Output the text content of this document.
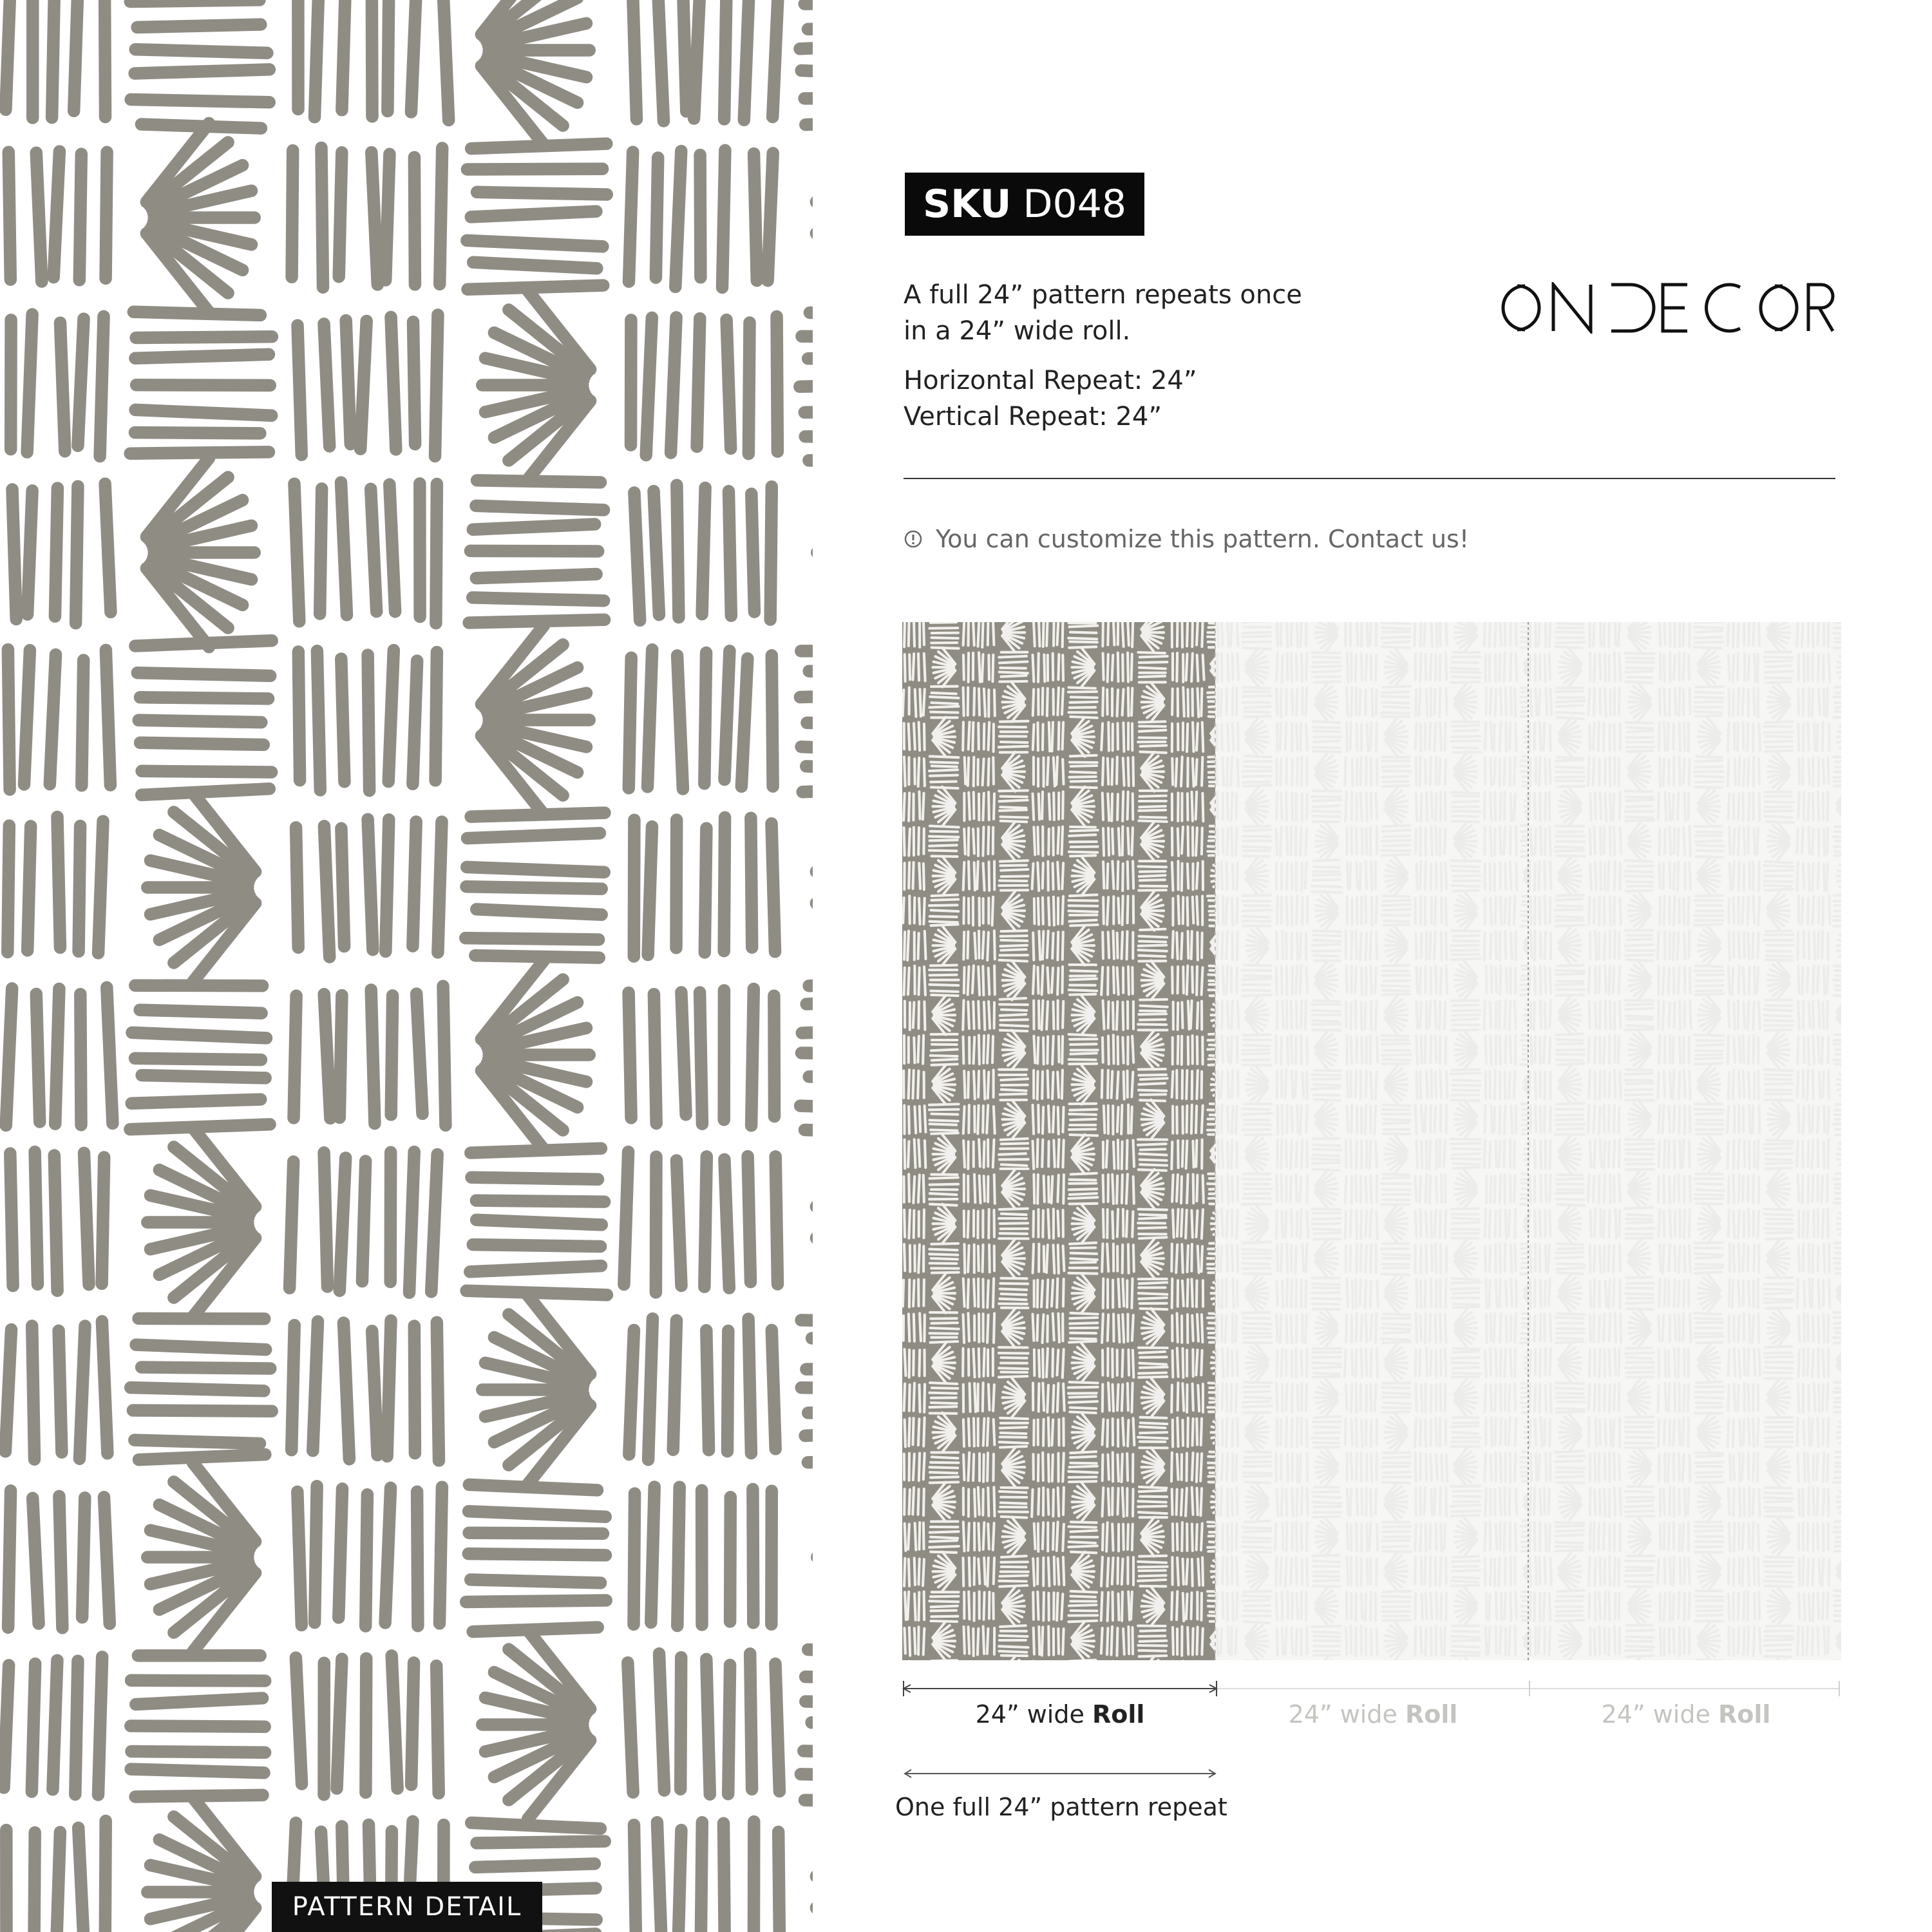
PATTERN DETAIL
SKU D048

A full 24” pattern repeats once

in a 24” wide roll.

Horizontal Repeat: 24”

Vertical Repeat: 24”

You can customize this pattern. Contact us!
24” wide Roll	24” wide Roll	24” wide Roll
One full 24” pattern repeat
